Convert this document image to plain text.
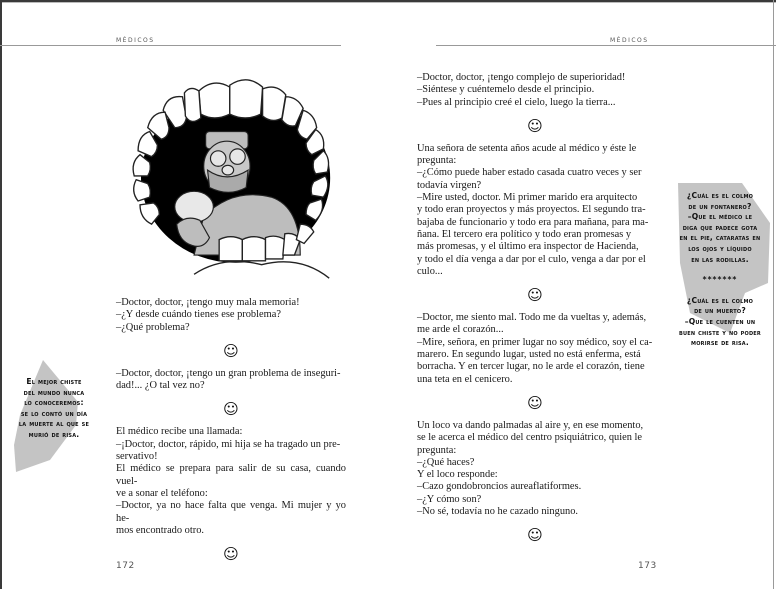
médicos

–Doctor, doctor, ¡tengo muy mala memoria!

–¿Y desde cuándo tienes ese problema?

–¿Qué problema?

☺

–Doctor, doctor, ¡tengo un gran problema de inseguri-

dad!... ¿O tal vez no?

☺

El médico recibe una llamada:

–¡Doctor, doctor, rápido, mi hija se ha tragado un pre-

servativo!

El médico se prepara para salir de su casa, cuando vuel-

ve a sonar el teléfono:

–Doctor, ya no hace falta que venga. Mi mujer y yo he-

mos encontrado otro.

☺
El mejor chiste
del mundo nunca
lo conoceremos:
se lo contó un día
la muerte al que se
murió de risa.
172
médicos

–Doctor, doctor, ¡tengo complejo de superioridad!

–Siéntese y cuéntemelo desde el principio.

–Pues al principio creé el cielo, luego la tierra...

☺

Una señora de setenta años acude al médico y éste le

pregunta:

–¿Cómo puede haber estado casada cuatro veces y ser

todavía virgen?

–Mire usted, doctor. Mi primer marido era arquitecto

y todo eran proyectos y más proyectos. El segundo tra-

bajaba de funcionario y todo era para mañana, para ma-

ñana. El tercero era político y todo eran promesas y

más promesas, y el último era inspector de Hacienda,

y todo el día venga a dar por el culo, venga a dar por el

culo...

☺

–Doctor, me siento mal. Todo me da vueltas y, además,

me arde el corazón...

–Mire, señora, en primer lugar no soy médico, soy el ca-

marero. En segundo lugar, usted no está enferma, está

borracha. Y en tercer lugar, no le arde el corazón, tiene

una teta en el cenicero.

☺

Un loco va dando palmadas al aire y, en ese momento,

se le acerca el médico del centro psiquiátrico, quien le

pregunta:

–¿Qué haces?

Y el loco responde:

–Cazo gondobroncios aureaflatiformes.

–¿Y cómo son?

–No sé, todavía no he cazado ninguno.

☺
¿Cuál es el colmo
de un fontanero?
–Que el médico le
diga que padece gota
en el pie, cataratas en
los ojos y líquido
en las rodillas.
*******
¿Cuál es el colmo
de un muerto?
–Que le cuenten un
buen chiste y no poder
morirse de risa.
173
